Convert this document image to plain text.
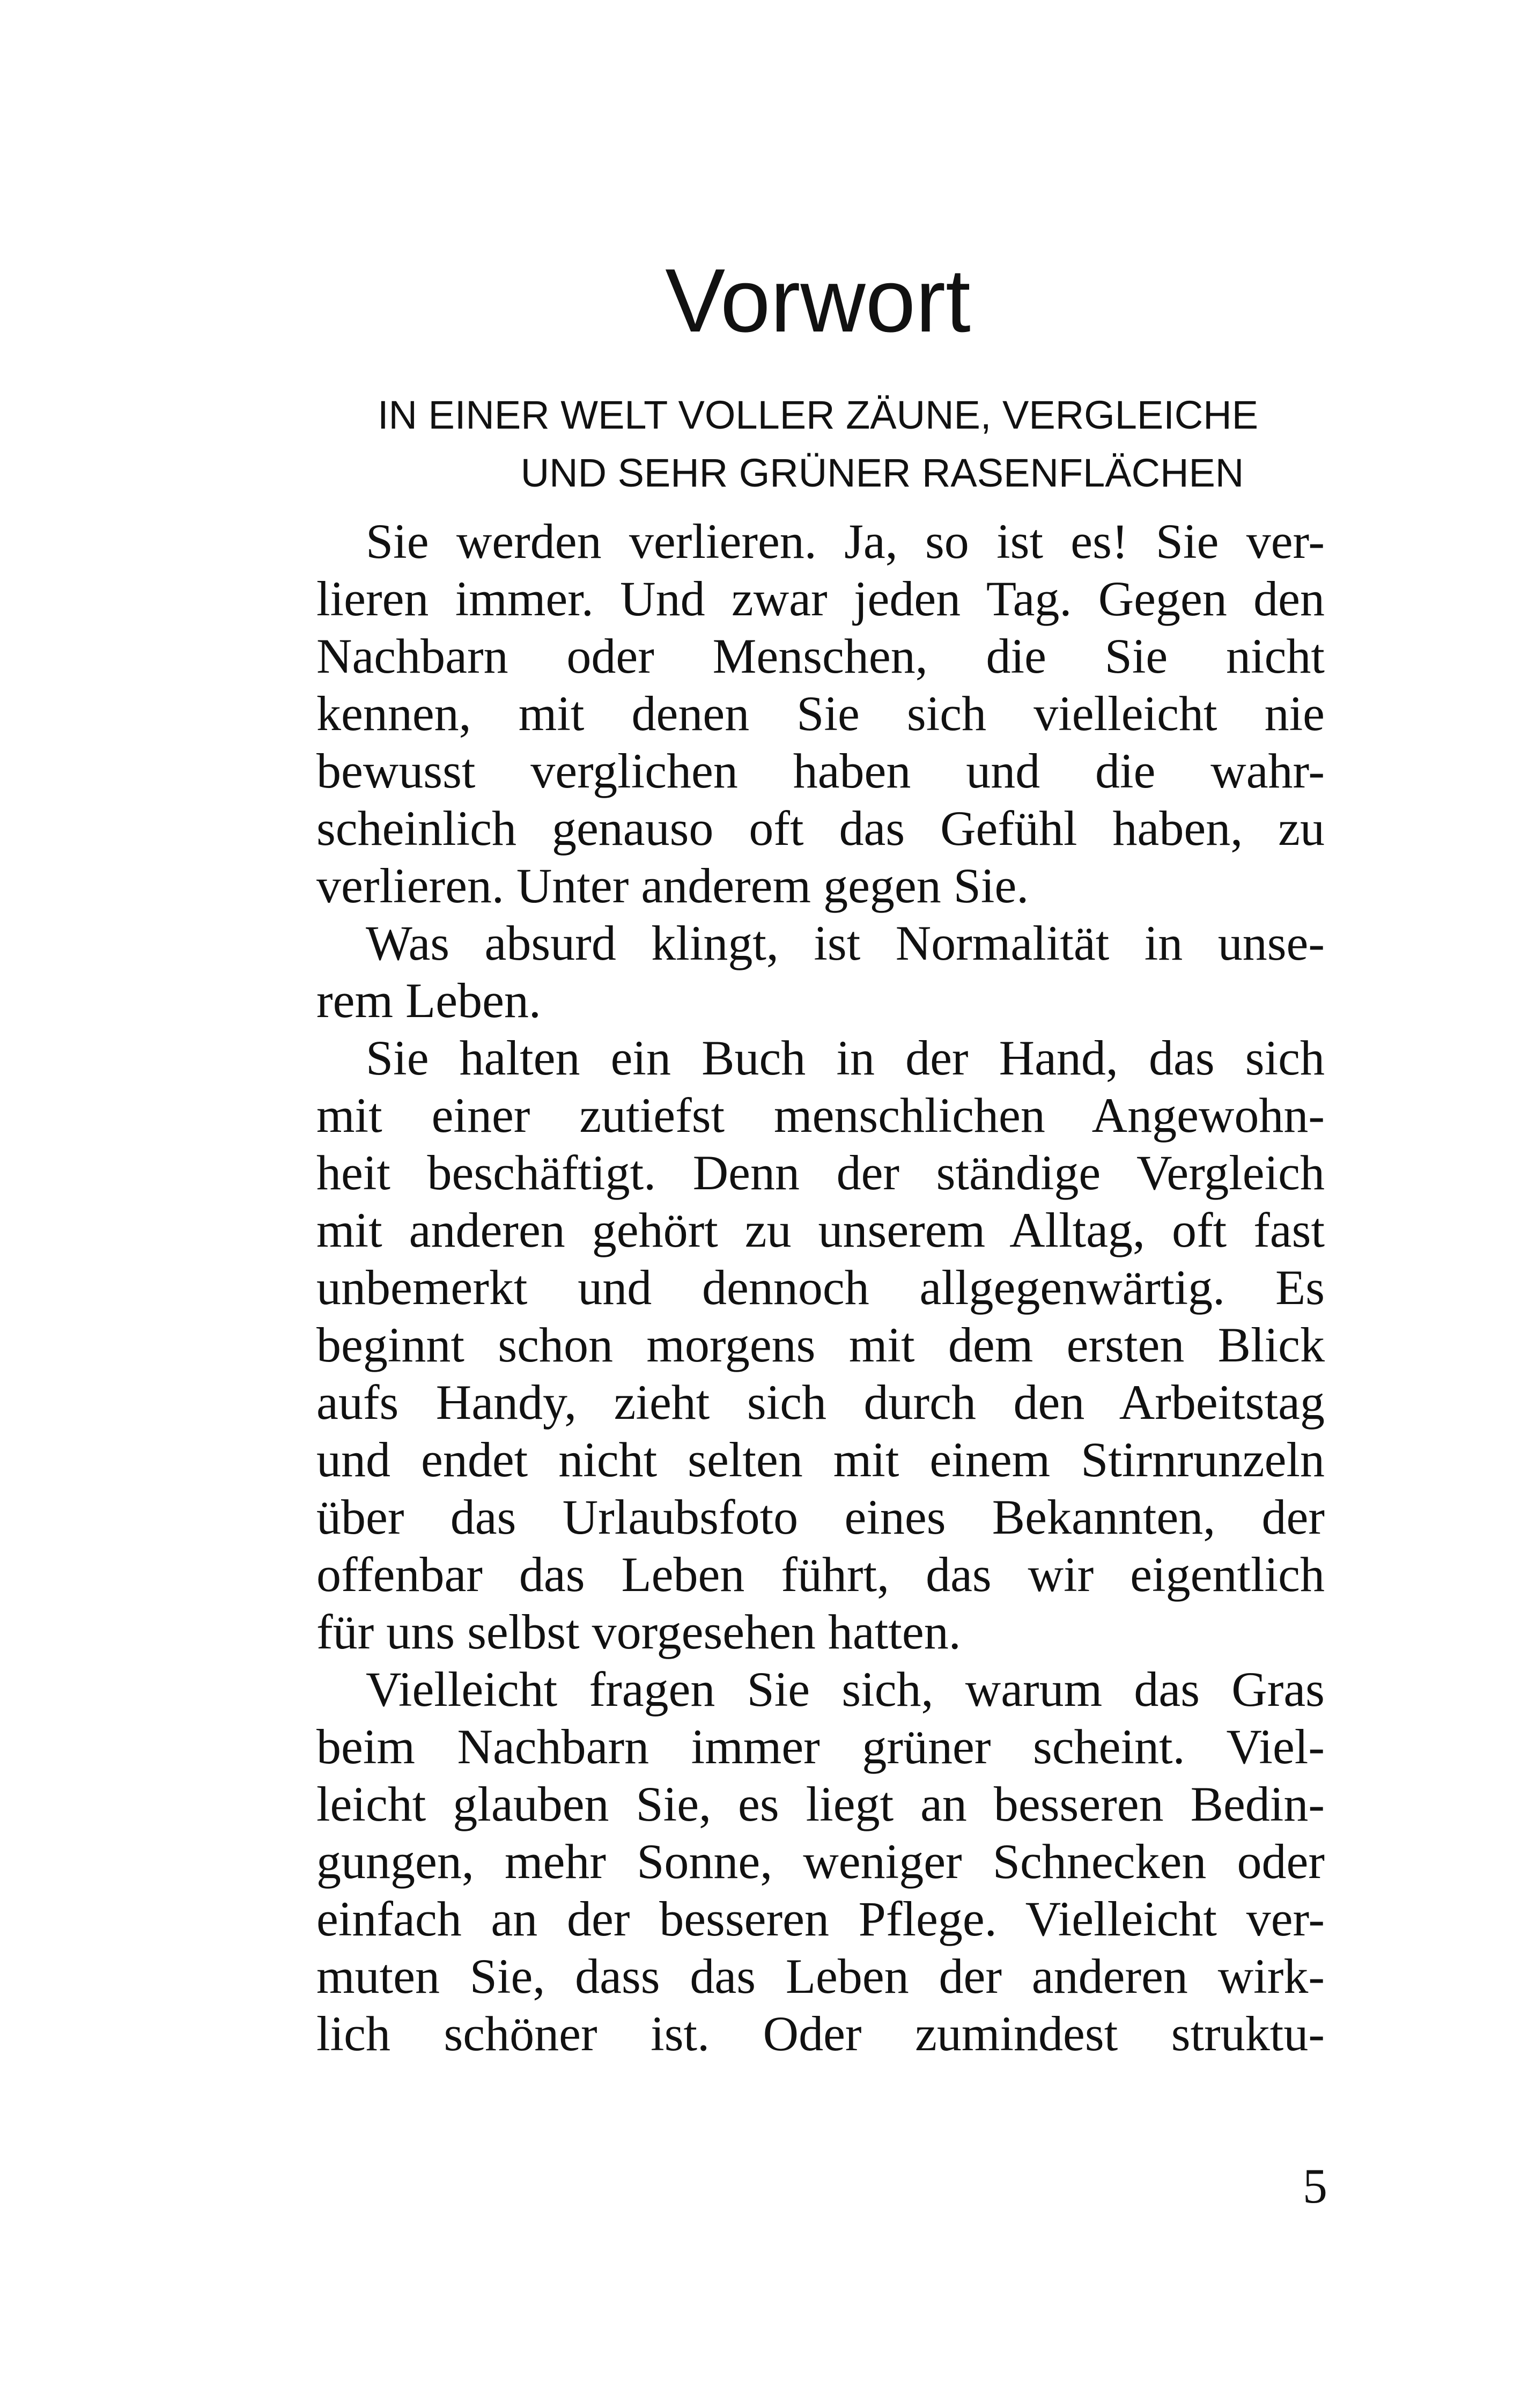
Vorwort
IN EINER WELT VOLLER ZÄUNE, VERGLEICHE
UND SEHR GRÜNER RASENFLÄCHEN
Sie werden verlieren. Ja, so ist es! Sie ver-
lieren immer. Und zwar jeden Tag. Gegen den
Nachbarn oder Menschen, die Sie nicht
kennen, mit denen Sie sich vielleicht nie
bewusst verglichen haben und die wahr-
scheinlich genauso oft das Gefühl haben, zu
verlieren. Unter anderem gegen Sie.
Was absurd klingt, ist Normalität in unse-
rem Leben.
Sie halten ein Buch in der Hand, das sich
mit einer zutiefst menschlichen Angewohn-
heit beschäftigt. Denn der ständige Vergleich
mit anderen gehört zu unserem Alltag, oft fast
unbemerkt und dennoch allgegenwärtig. Es
beginnt schon morgens mit dem ersten Blick
aufs Handy, zieht sich durch den Arbeitstag
und endet nicht selten mit einem Stirnrunzeln
über das Urlaubsfoto eines Bekannten, der
offenbar das Leben führt, das wir eigentlich
für uns selbst vorgesehen hatten.
Vielleicht fragen Sie sich, warum das Gras
beim Nachbarn immer grüner scheint. Viel-
leicht glauben Sie, es liegt an besseren Bedin-
gungen, mehr Sonne, weniger Schnecken oder
einfach an der besseren Pflege. Vielleicht ver-
muten Sie, dass das Leben der anderen wirk-
lich schöner ist. Oder zumindest struktu-
5
